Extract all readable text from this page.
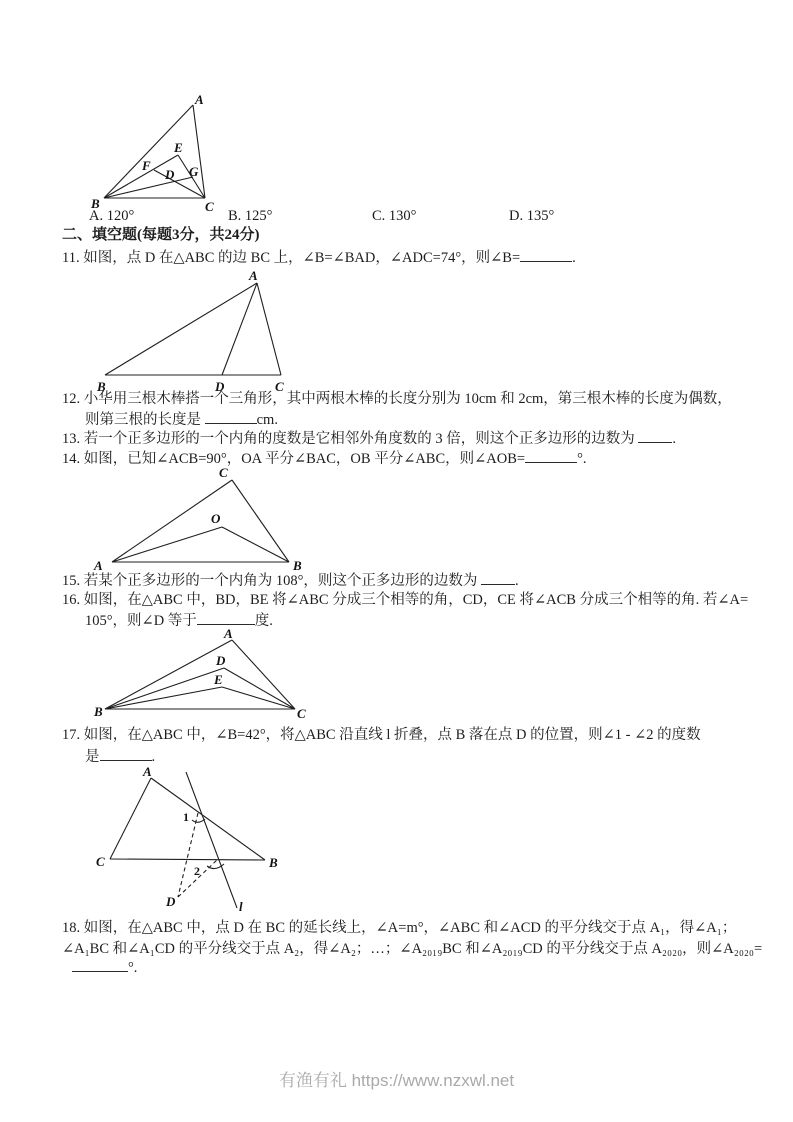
A
B	C
D
E
F	G
A. 120°	B. 125°	C. 130°	D. 135°
二、填空题(每题3分，共24分)
11. 如图，点 D 在△ABC 的边 BC 上，∠B=∠BAD，∠ADC=74°，则∠B=	.
A
B	D	C
12. 小华用三根木棒搭一个三角形，其中两根木棒的长度分别为 10cm 和 2cm，第三根木棒的长度为偶数，
则第三根的长度是	cm.
13. 若一个正多边形的一个内角的度数是它相邻外角度数的 3 倍，则这个正多边形的边数为	.
14. 如图，已知∠ACB=90°，OA 平分∠BAC，OB 平分∠ABC，则∠AOB=	°.
C
O
A	B
15. 若某个正多边形的一个内角为 108°，则这个正多边形的边数为	.
16. 如图，在△ABC 中，BD，BE 将∠ABC 分成三个相等的角，CD，CE 将∠ACB 分成三个相等的角. 若∠A=
105°，则∠D 等于	度.
A
D
E
B	C
17. 如图，在△ABC 中，∠B=42°，将△ABC 沿直线 l 折叠，点 B 落在点 D 的位置，则∠1 - ∠2 的度数
是	.
A
C	B
1
2
D	l
18. 如图，在△ABC 中，点 D 在 BC 的延长线上，∠A=m°，∠ABC 和∠ACD 的平分线交于点 A₁，得∠A₁；
∠A₁BC 和∠A₁CD 的平分线交于点 A₂，得∠A₂；…；∠A₂₀₁₉BC 和∠A₂₀₁₉CD 的平分线交于点 A₂₀₂₀，则∠A₂₀₂₀=
°.
有渔有礼 https://www.nzxwl.net
